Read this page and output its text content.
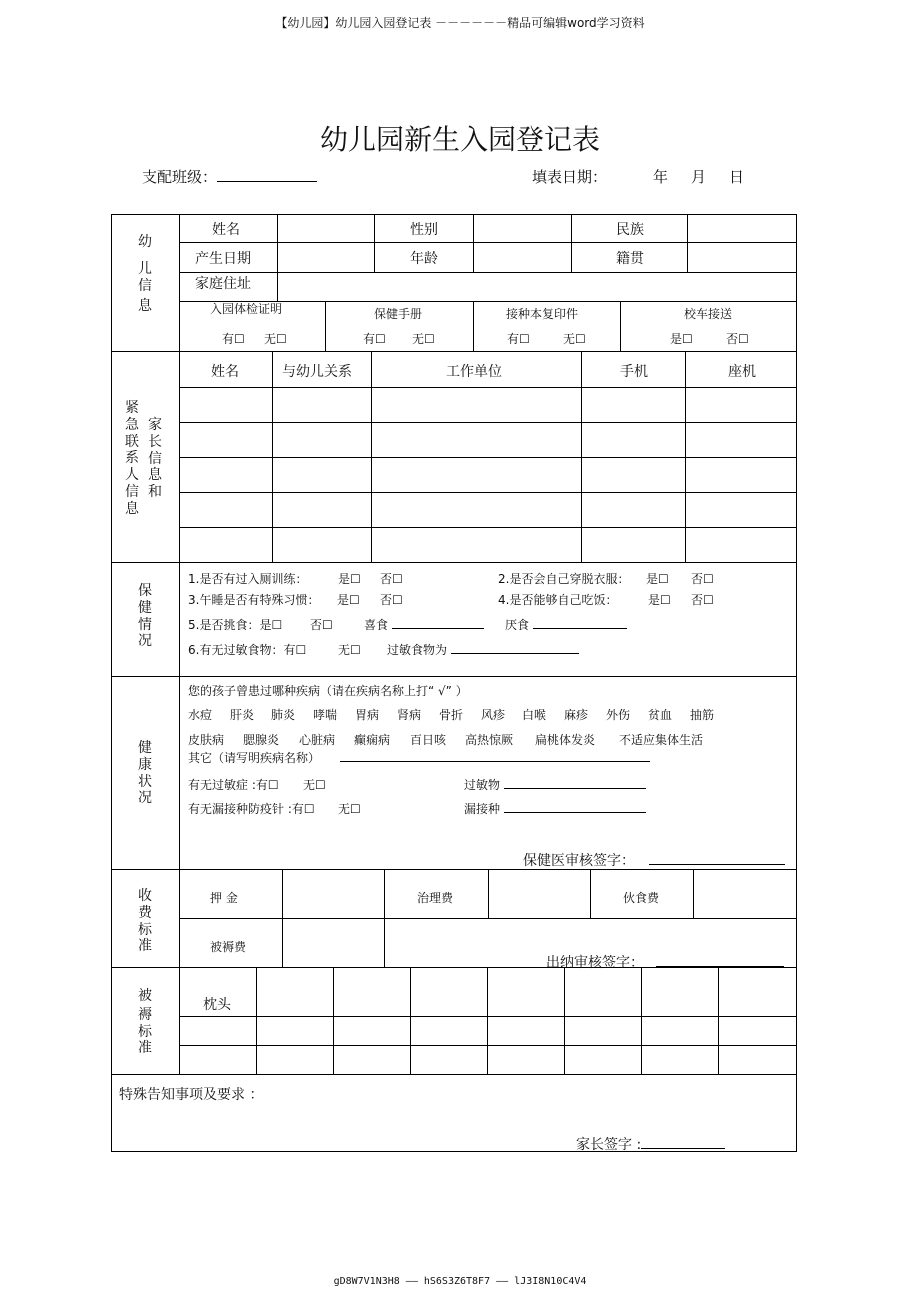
【幼儿园】幼儿园入园登记表 －－－－－－精品可编辑word学习资料
幼儿园新生入园登记表
支配班级：	填表日期：	年 月 日
幼
儿
信
息
姓名	性别	民族
产生日期	年龄	籍贯
家庭住址
入园体检证明
有☐ 无☐
保健手册
有☐ 无☐
接种本复印件
有☐	无☐
校车接送
是☐	否☐
紧
急
联
系
人
信
息
家
长
信
息
和
姓名	与幼儿关系	工作单位	手机	座机
保
健
情
况
1.是否有过入厕训练：	是☐ 否☐	2.是否会自己穿脱衣服： 是☐ 否☐
3.午睡是否有特殊习惯： 是☐ 否☐	4.是否能够自己吃饭：	是☐ 否☐
5.是否挑食：是☐ 否☐	喜食	厌食
6.有无过敏食物：有☐	无☐ 过敏食物为
健
康
状
况
您的孩子曾患过哪种疾病（请在疾病名称上打“ √” ）
水痘 肝炎 肺炎 哮喘 胃病 肾病 骨折 风疹 白喉 麻疹 外伤 贫血 抽筋
皮肤病 腮腺炎 心脏病 癫痫病 百日咳 高热惊厥 扁桃体发炎 不适应集体生活
其它（请写明疾病名称）
有无过敏症 :有☐ 无☐	过敏物
有无漏接种防疫针 :有☐ 无☐	漏接种
保健医审核签字：
收
费
标
准
押 金	治理费	伙食费
被褥费
出纳审核签字：
被
褥
标
准
枕头
特殊告知事项及要求 ：
家长签字 :
gD8W7V1N3H8 —— hS6S3Z6T8F7 —— lJ3I8N10C4V4
